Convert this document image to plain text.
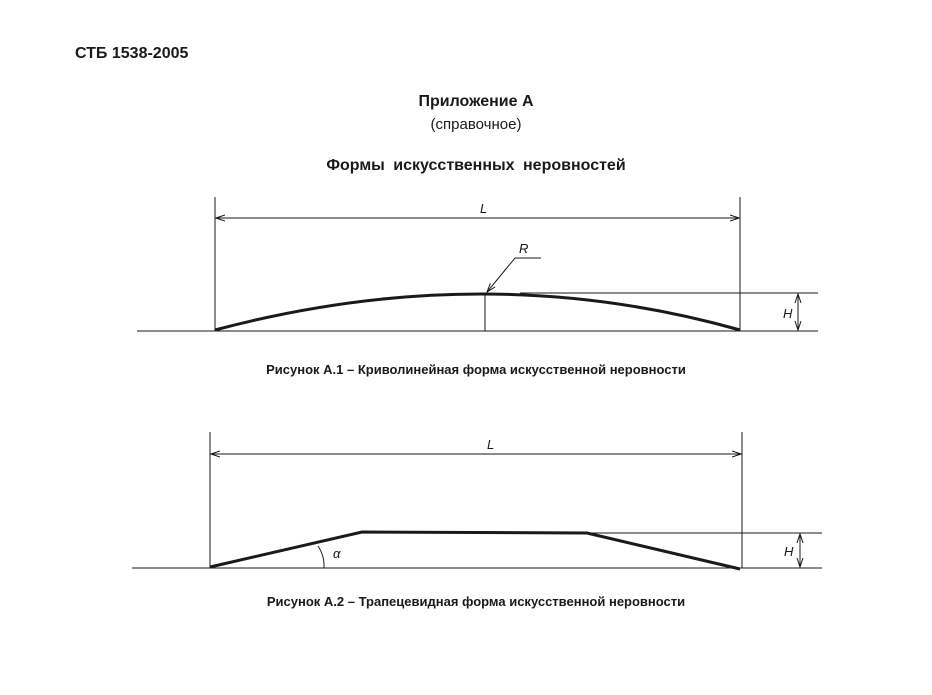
СТБ 1538-2005
Приложение А
(справочное)
Формы искусственных неровностей
L
R
H
L
α	H
Рисунок А.1 – Криволинейная форма искусственной неровности
Рисунок А.2 – Трапецевидная форма искусственной неровности
